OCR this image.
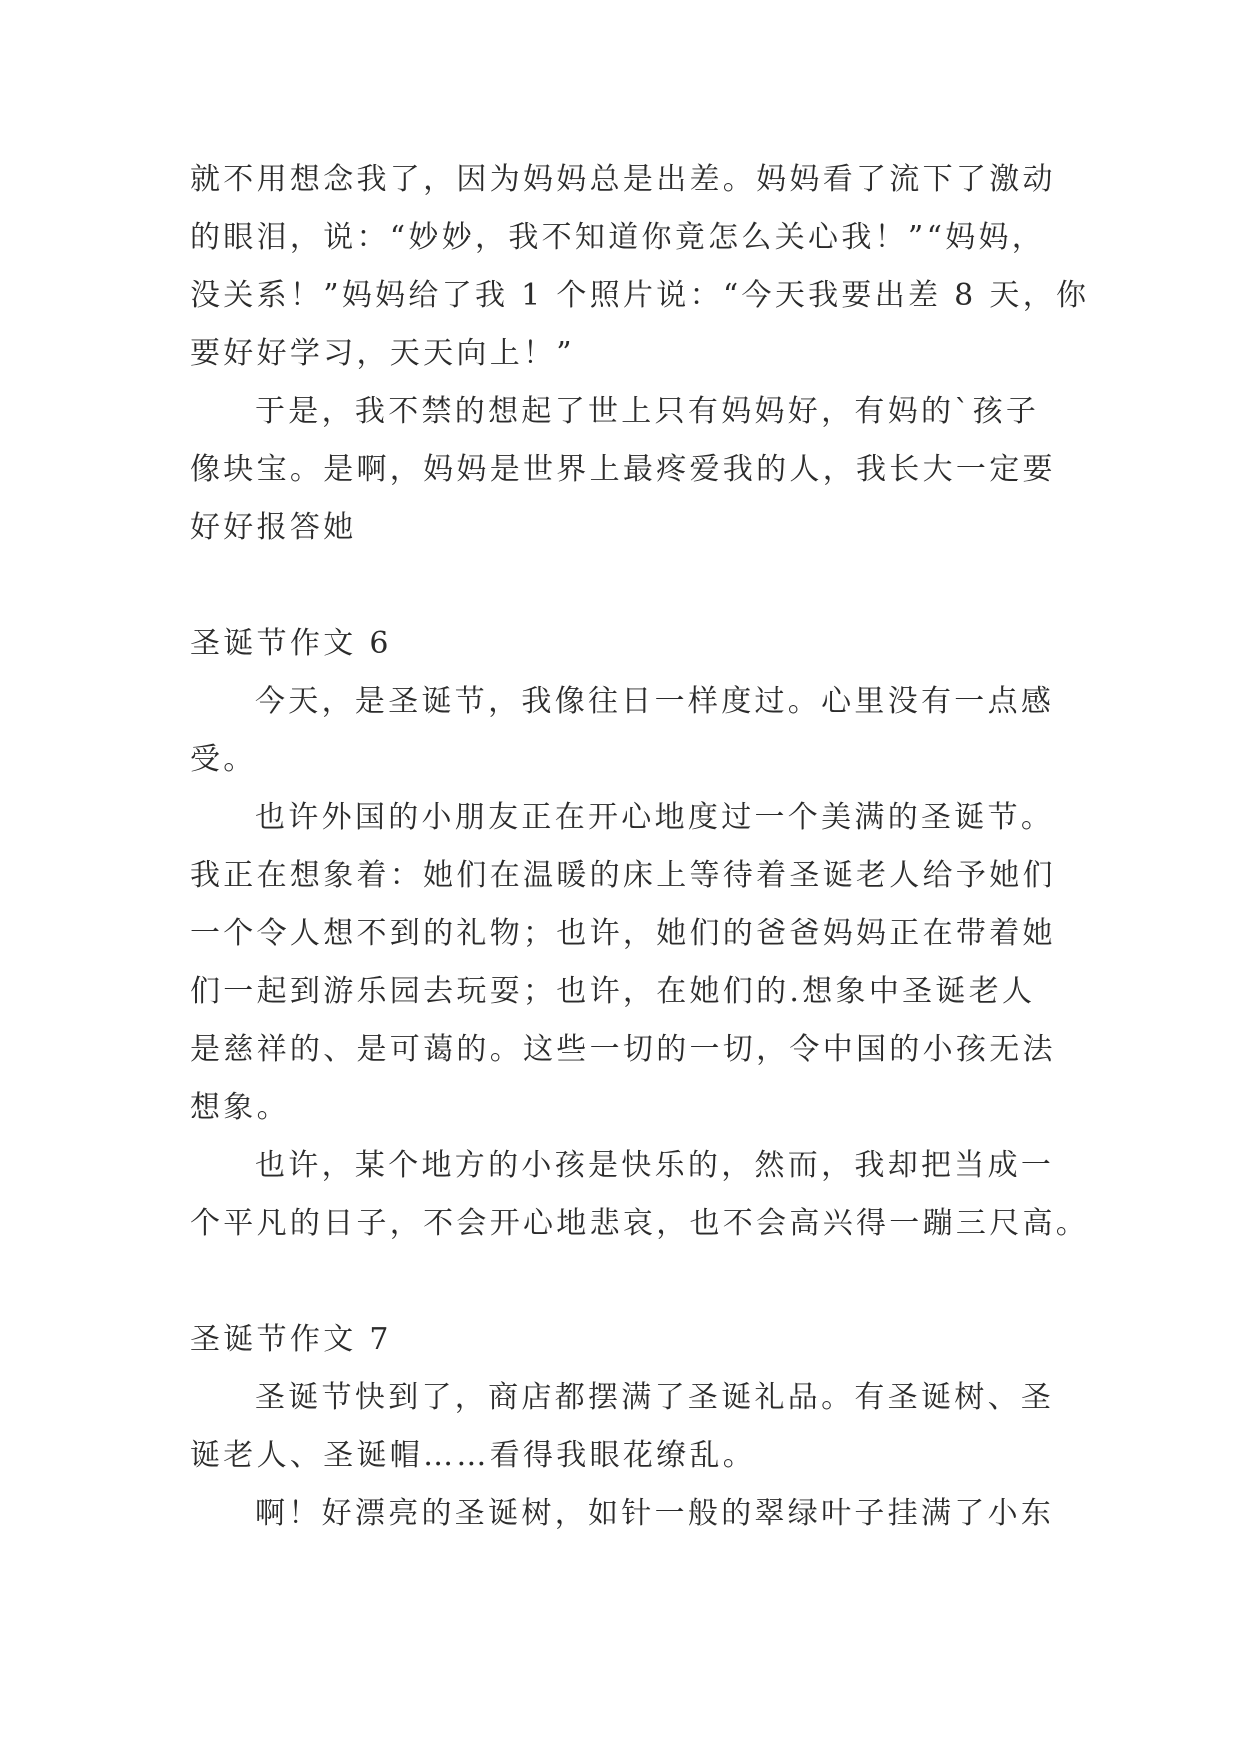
就不用想念我了，因为妈妈总是出差。妈妈看了流下了激动
的眼泪，说：“妙妙，我不知道你竟怎么关心我！”“妈妈，
没关系！”妈妈给了我 1 个照片说：“今天我要出差 8 天，你
要好好学习，天天向上！”
于是，我不禁的想起了世上只有妈妈好，有妈的`孩子
像块宝。是啊，妈妈是世界上最疼爱我的人，我长大一定要
好好报答她
圣诞节作文 6
今天，是圣诞节，我像往日一样度过。心里没有一点感
受。
也许外国的小朋友正在开心地度过一个美满的圣诞节。
我正在想象着：她们在温暖的床上等待着圣诞老人给予她们
一个令人想不到的礼物；也许，她们的爸爸妈妈正在带着她
们一起到游乐园去玩耍；也许，在她们的.想象中圣诞老人
是慈祥的、是可蔼的。这些一切的一切，令中国的小孩无法
想象。
也许，某个地方的小孩是快乐的，然而，我却把当成一
个平凡的日子，不会开心地悲哀，也不会高兴得一蹦三尺高。
圣诞节作文 7
圣诞节快到了，商店都摆满了圣诞礼品。有圣诞树、圣
诞老人、圣诞帽……看得我眼花缭乱。
啊！好漂亮的圣诞树，如针一般的翠绿叶子挂满了小东
